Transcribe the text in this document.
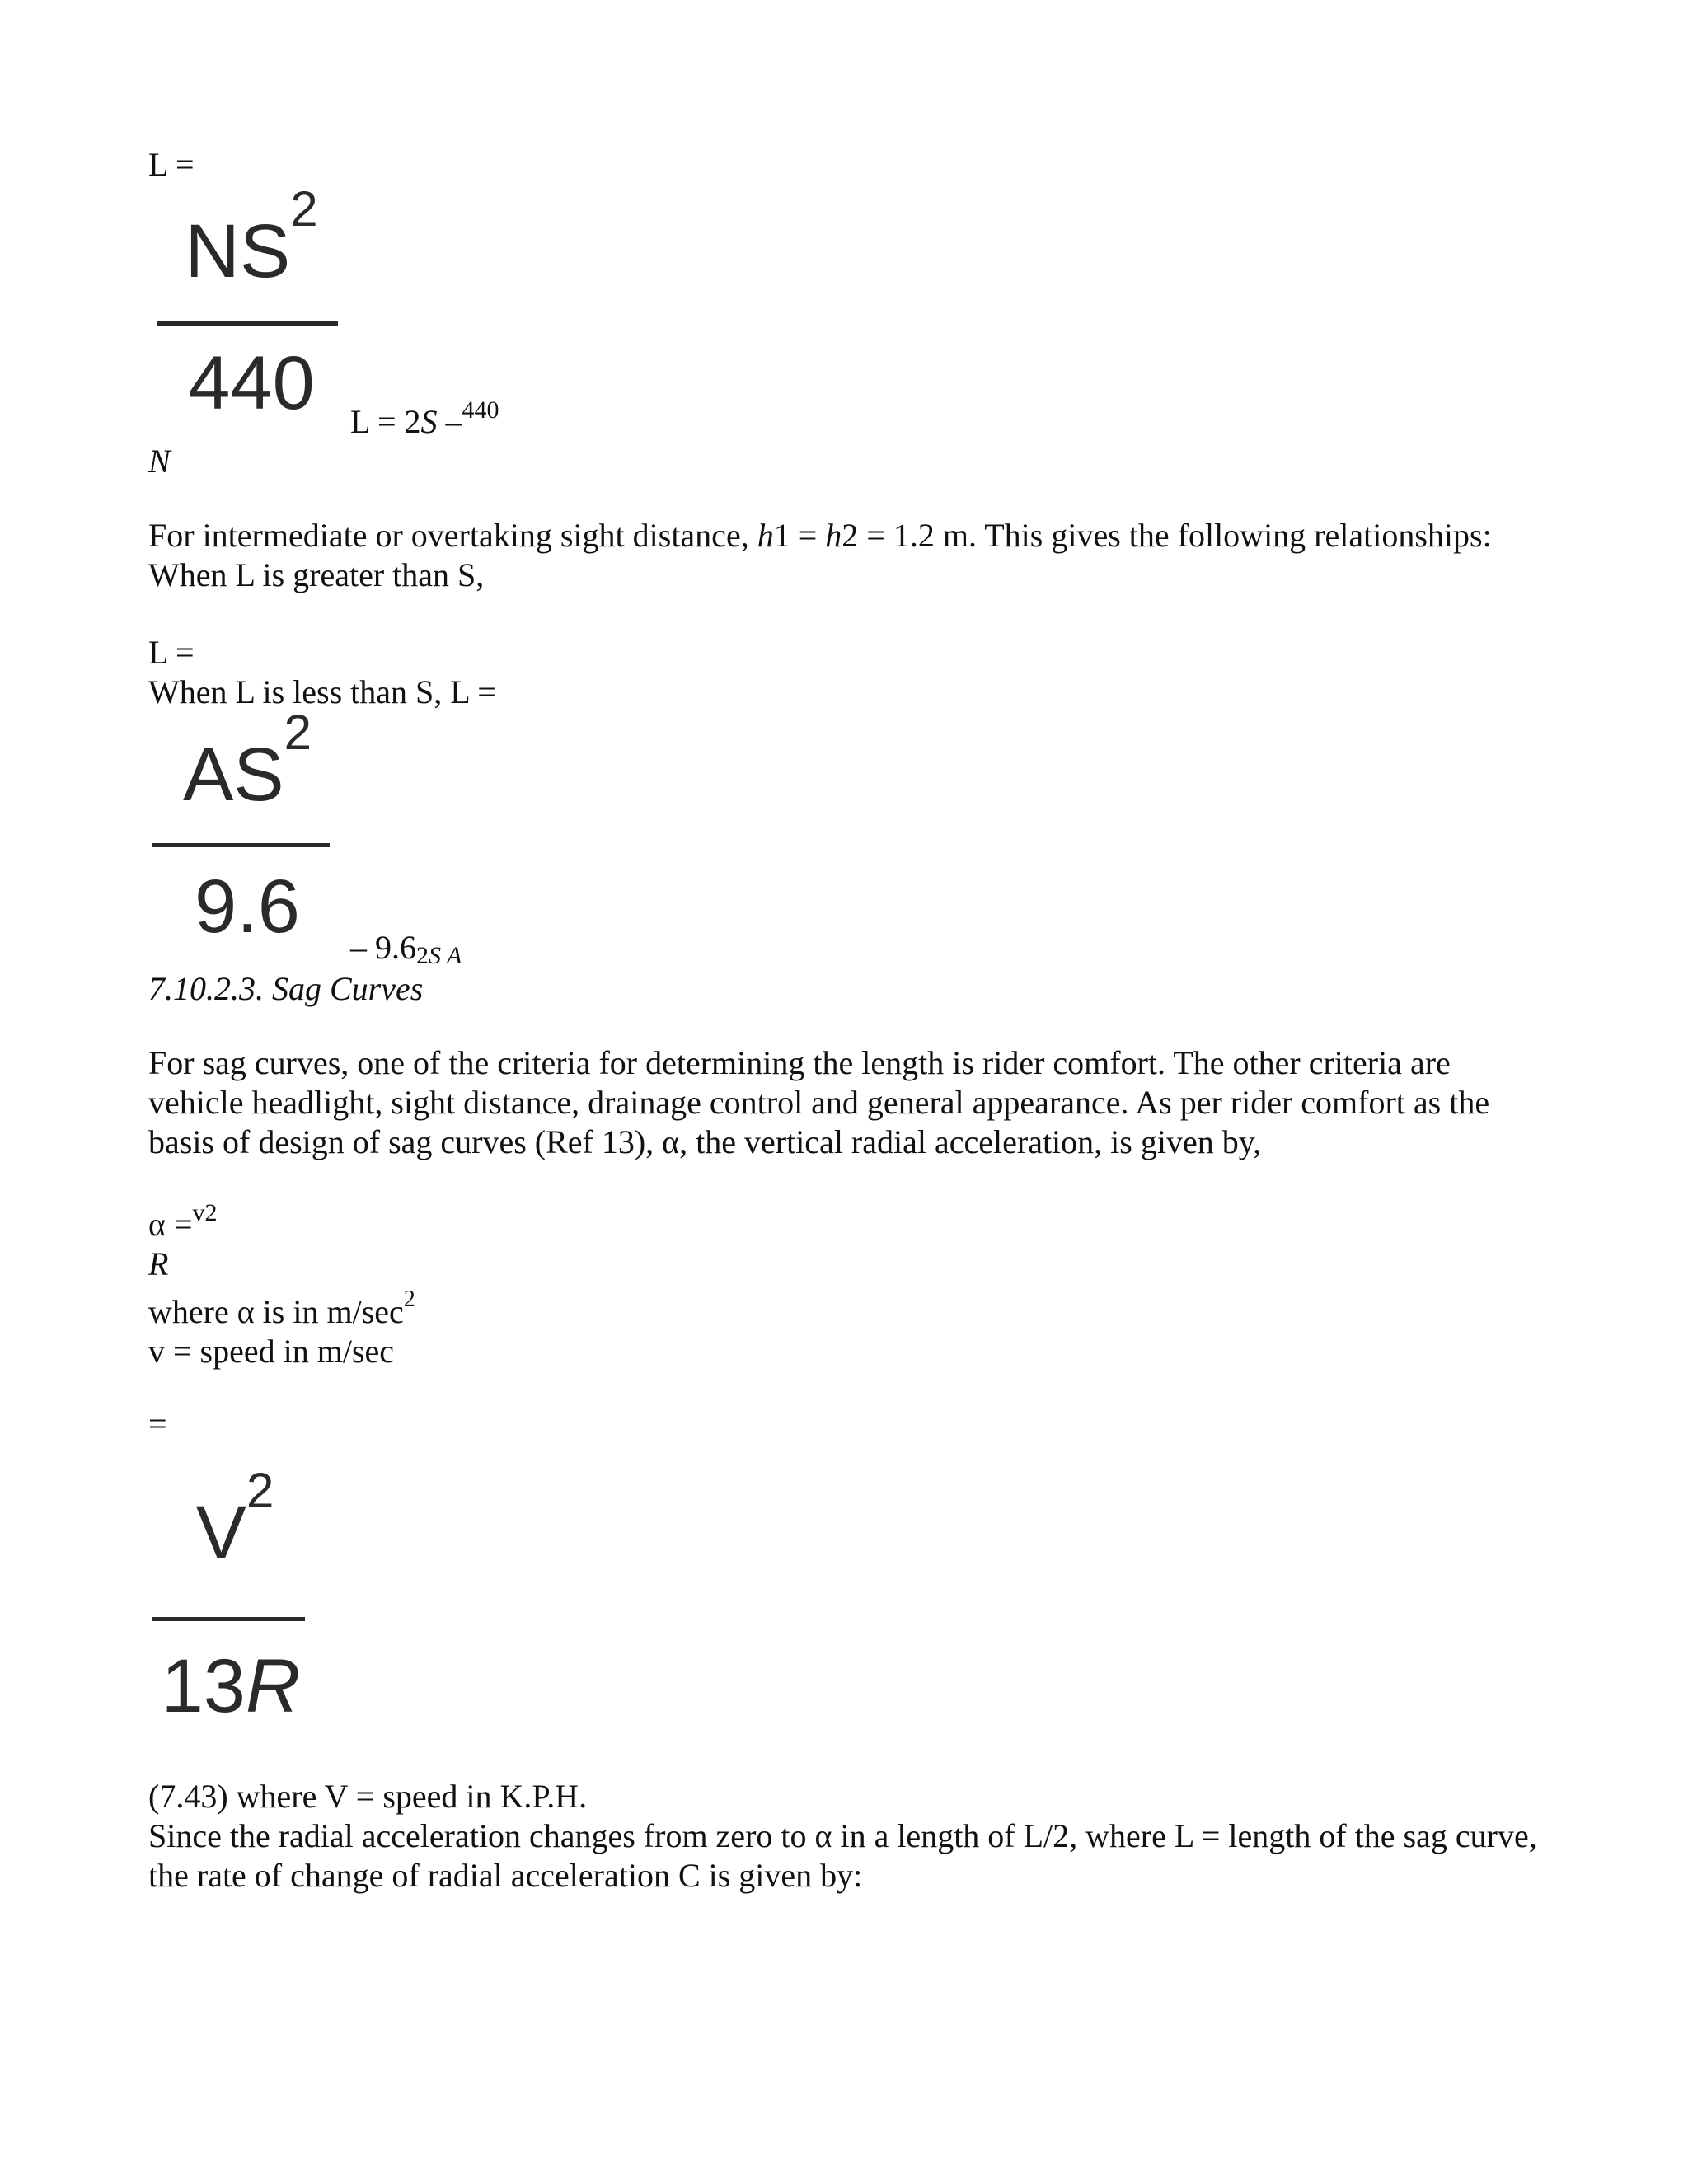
L =
$NS^2$
440	L = 2S –$^{440}$
N
For intermediate or overtaking sight distance, h1 = h2 = 1.2 m. This gives the following relationships:
When L is greater than S,
L =
When L is less than S, L =
$AS^2$
9.6	– 9.62S A
7.10.2.3. Sag Curves
For sag curves, one of the criteria for determining the length is rider comfort. The other criteria are vehicle headlight, sight distance, drainage control and general appearance. As per rider comfort as the basis of design of sag curves (Ref 13), α, the vertical radial acceleration, is given by,
α =$^{v2}$
R
where α is in $m/\sec^2$
v = speed in m/sec
=
$V^2$
13R
(7.43) where V = speed in K.P.H.
Since the radial acceleration changes from zero to α in a length of L/2, where L = length of the sag curve, the rate of change of radial acceleration C is given by:
